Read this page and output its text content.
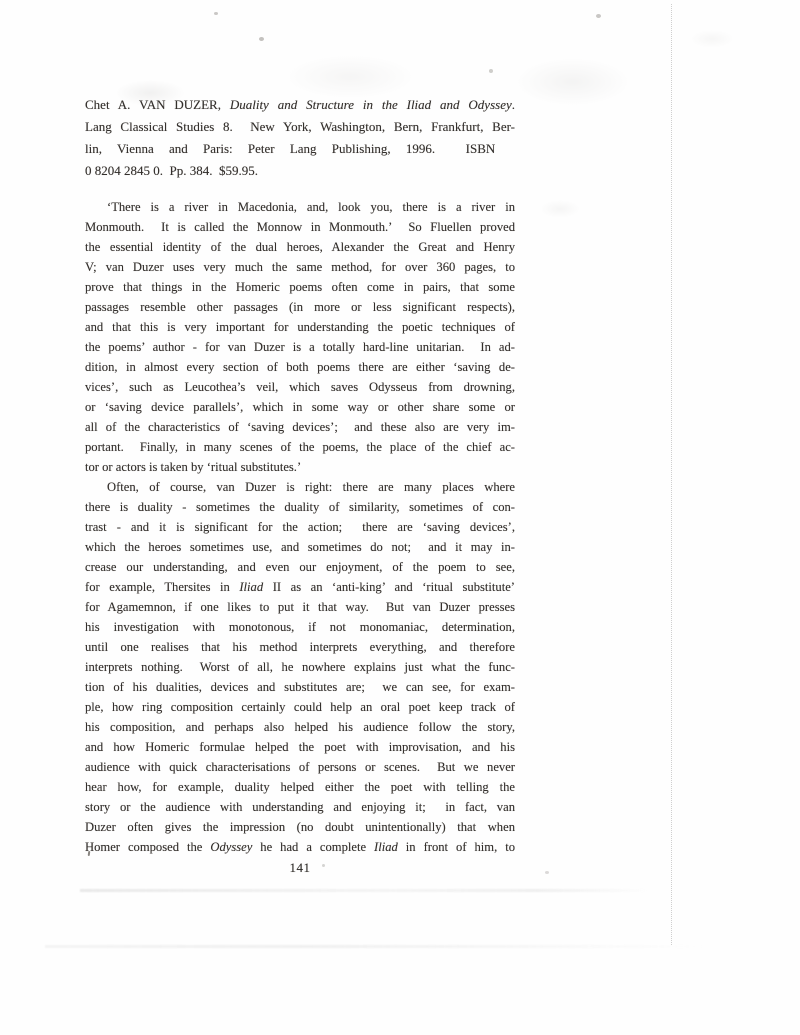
Chet A. VAN DUZER, Duality and Structure in the Iliad and Odyssey.
Lang Classical Studies 8.  New York, Washington, Bern, Frankfurt, Ber-
lin, Vienna and Paris: Peter Lang Publishing, 1996.  ISBN
0 8204 2845 0.  Pp. 384.  $59.95.
‘There is a river in Macedonia, and, look you, there is a river in
Monmouth.  It is called the Monnow in Monmouth.’  So Fluellen proved
the essential identity of the dual heroes, Alexander the Great and Henry
V; van Duzer uses very much the same method, for over 360 pages, to
prove that things in the Homeric poems often come in pairs, that some
passages resemble other passages (in more or less significant respects),
and that this is very important for understanding the poetic techniques of
the poems’ author - for van Duzer is a totally hard-line unitarian.  In ad-
dition, in almost every section of both poems there are either ‘saving de-
vices’, such as Leucothea’s veil, which saves Odysseus from drowning,
or ‘saving device parallels’, which in some way or other share some or
all of the characteristics of ‘saving devices’;  and these also are very im-
portant.  Finally, in many scenes of the poems, the place of the chief ac-
tor or actors is taken by ‘ritual substitutes.’
Often, of course, van Duzer is right: there are many places where
there is duality - sometimes the duality of similarity, sometimes of con-
trast - and it is significant for the action;  there are ‘saving devices’,
which the heroes sometimes use, and sometimes do not;  and it may in-
crease our understanding, and even our enjoyment, of the poem to see,
for example, Thersites in Iliad II as an ‘anti-king’ and ‘ritual substitute’
for Agamemnon, if one likes to put it that way.  But van Duzer presses
his investigation with monotonous, if not monomaniac, determination,
until one realises that his method interprets everything, and therefore
interprets nothing.  Worst of all, he nowhere explains just what the func-
tion of his dualities, devices and substitutes are;  we can see, for exam-
ple, how ring composition certainly could help an oral poet keep track of
his composition, and perhaps also helped his audience follow the story,
and how Homeric formulae helped the poet with improvisation, and his
audience with quick characterisations of persons or scenes.  But we never
hear how, for example, duality helped either the poet with telling the
story or the audience with understanding and enjoying it;  in fact, van
Duzer often gives the impression (no doubt unintentionally) that when
Homer composed the Odyssey he had a complete Iliad in front of him, to
141
